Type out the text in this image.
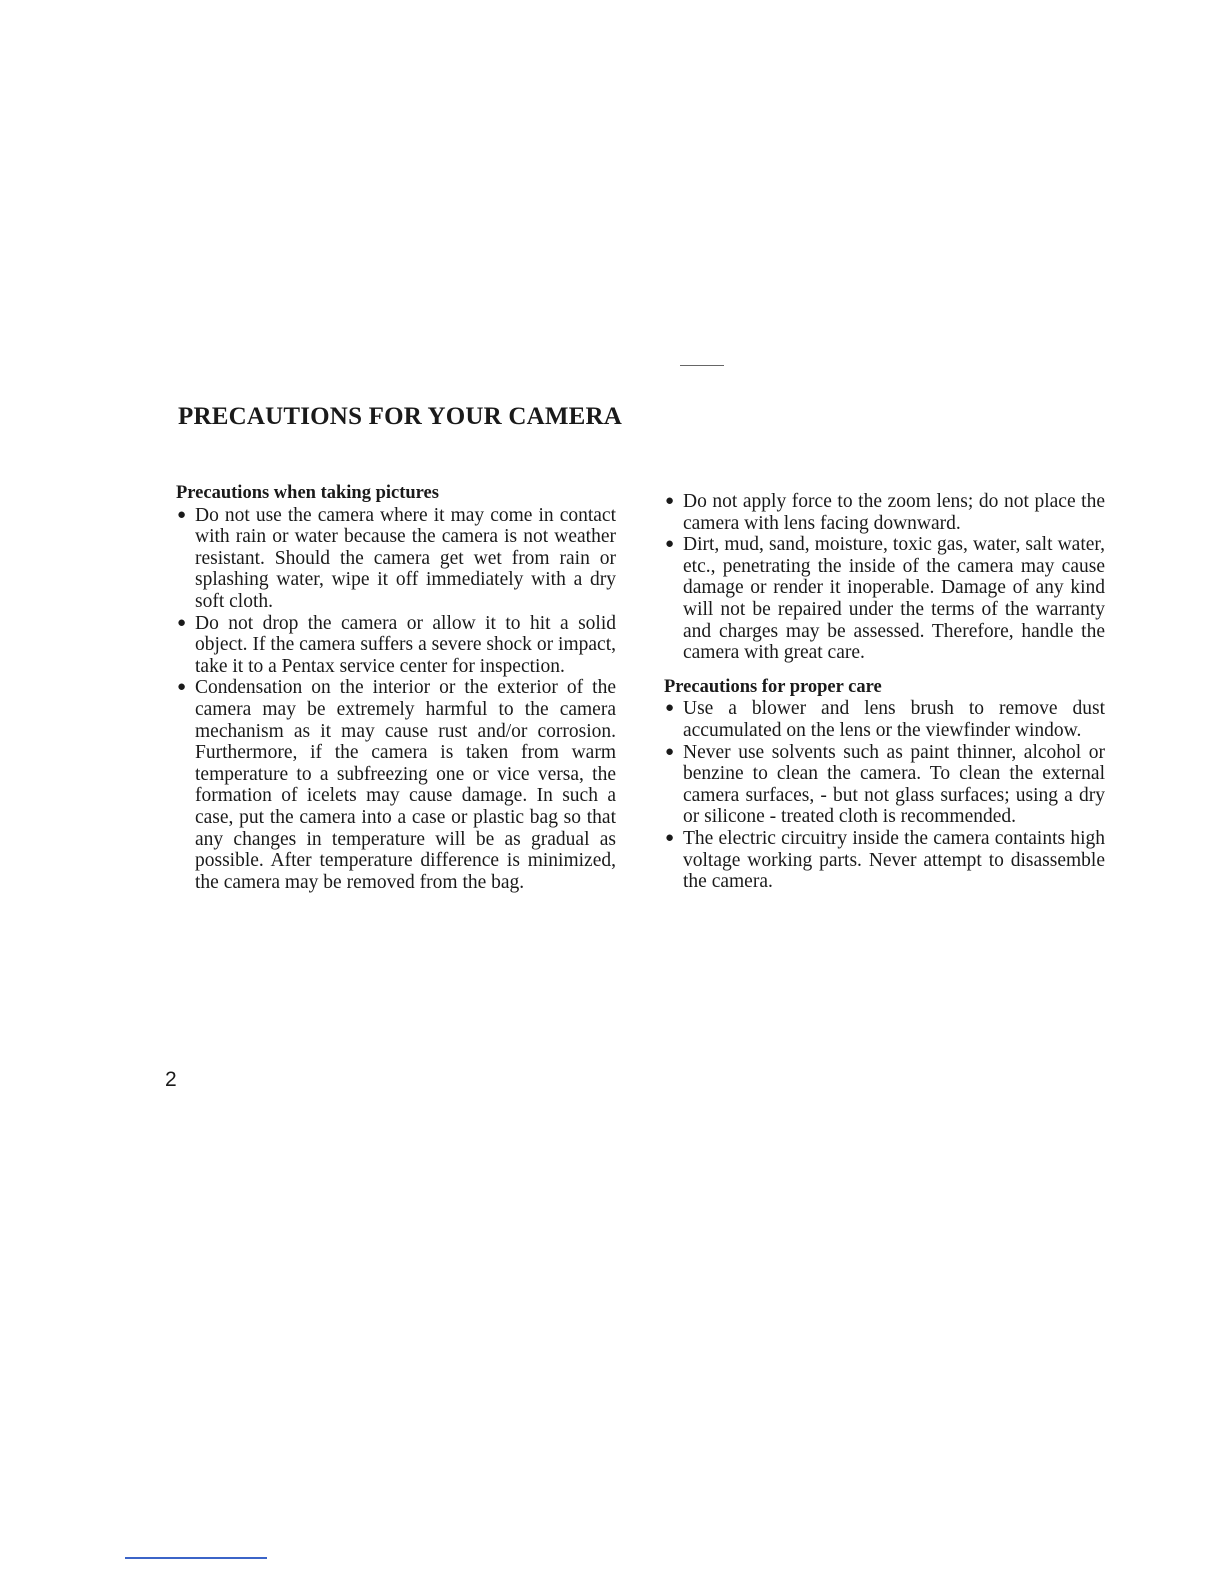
PRECAUTIONS FOR YOUR CAMERA

Precautions when taking pictures

● Do not use the camera where it may come in contact with rain or water because the camera is not weather resistant. Should the camera get wet from rain or splashing water, wipe it off immediately with a dry soft cloth.
● Do not drop the camera or allow it to hit a solid object. If the camera suffers a severe shock or impact, take it to a Pentax service center for inspection.
● Condensation on the interior or the exterior of the camera may be extremely harmful to the camera mechanism as it may cause rust and/or corrosion. Furthermore, if the camera is taken from warm temperature to a subfreezing one or vice versa, the formation of icelets may cause damage. In such a case, put the camera into a case or plastic bag so that any changes in temperature will be as gradual as possible. After temperature difference is minimized, the camera may be removed from the bag.
● Do not apply force to the zoom lens; do not place the camera with lens facing downward.
● Dirt, mud, sand, moisture, toxic gas, water, salt water, etc., penetrating the inside of the camera may cause damage or render it inoperable. Damage of any kind will not be repaired under the terms of the warranty and charges may be assessed. Therefore, handle the camera with great care.

Precautions for proper care

● Use a blower and lens brush to remove dust accumulated on the lens or the viewfinder window.
● Never use solvents such as paint thinner, alcohol or benzine to clean the camera. To clean the external camera surfaces, - but not glass surfaces; using a dry or silicone - treated cloth is recommended.
● The electric circuitry inside the camera containts high voltage working parts. Never attempt to disassemble the camera.
2
